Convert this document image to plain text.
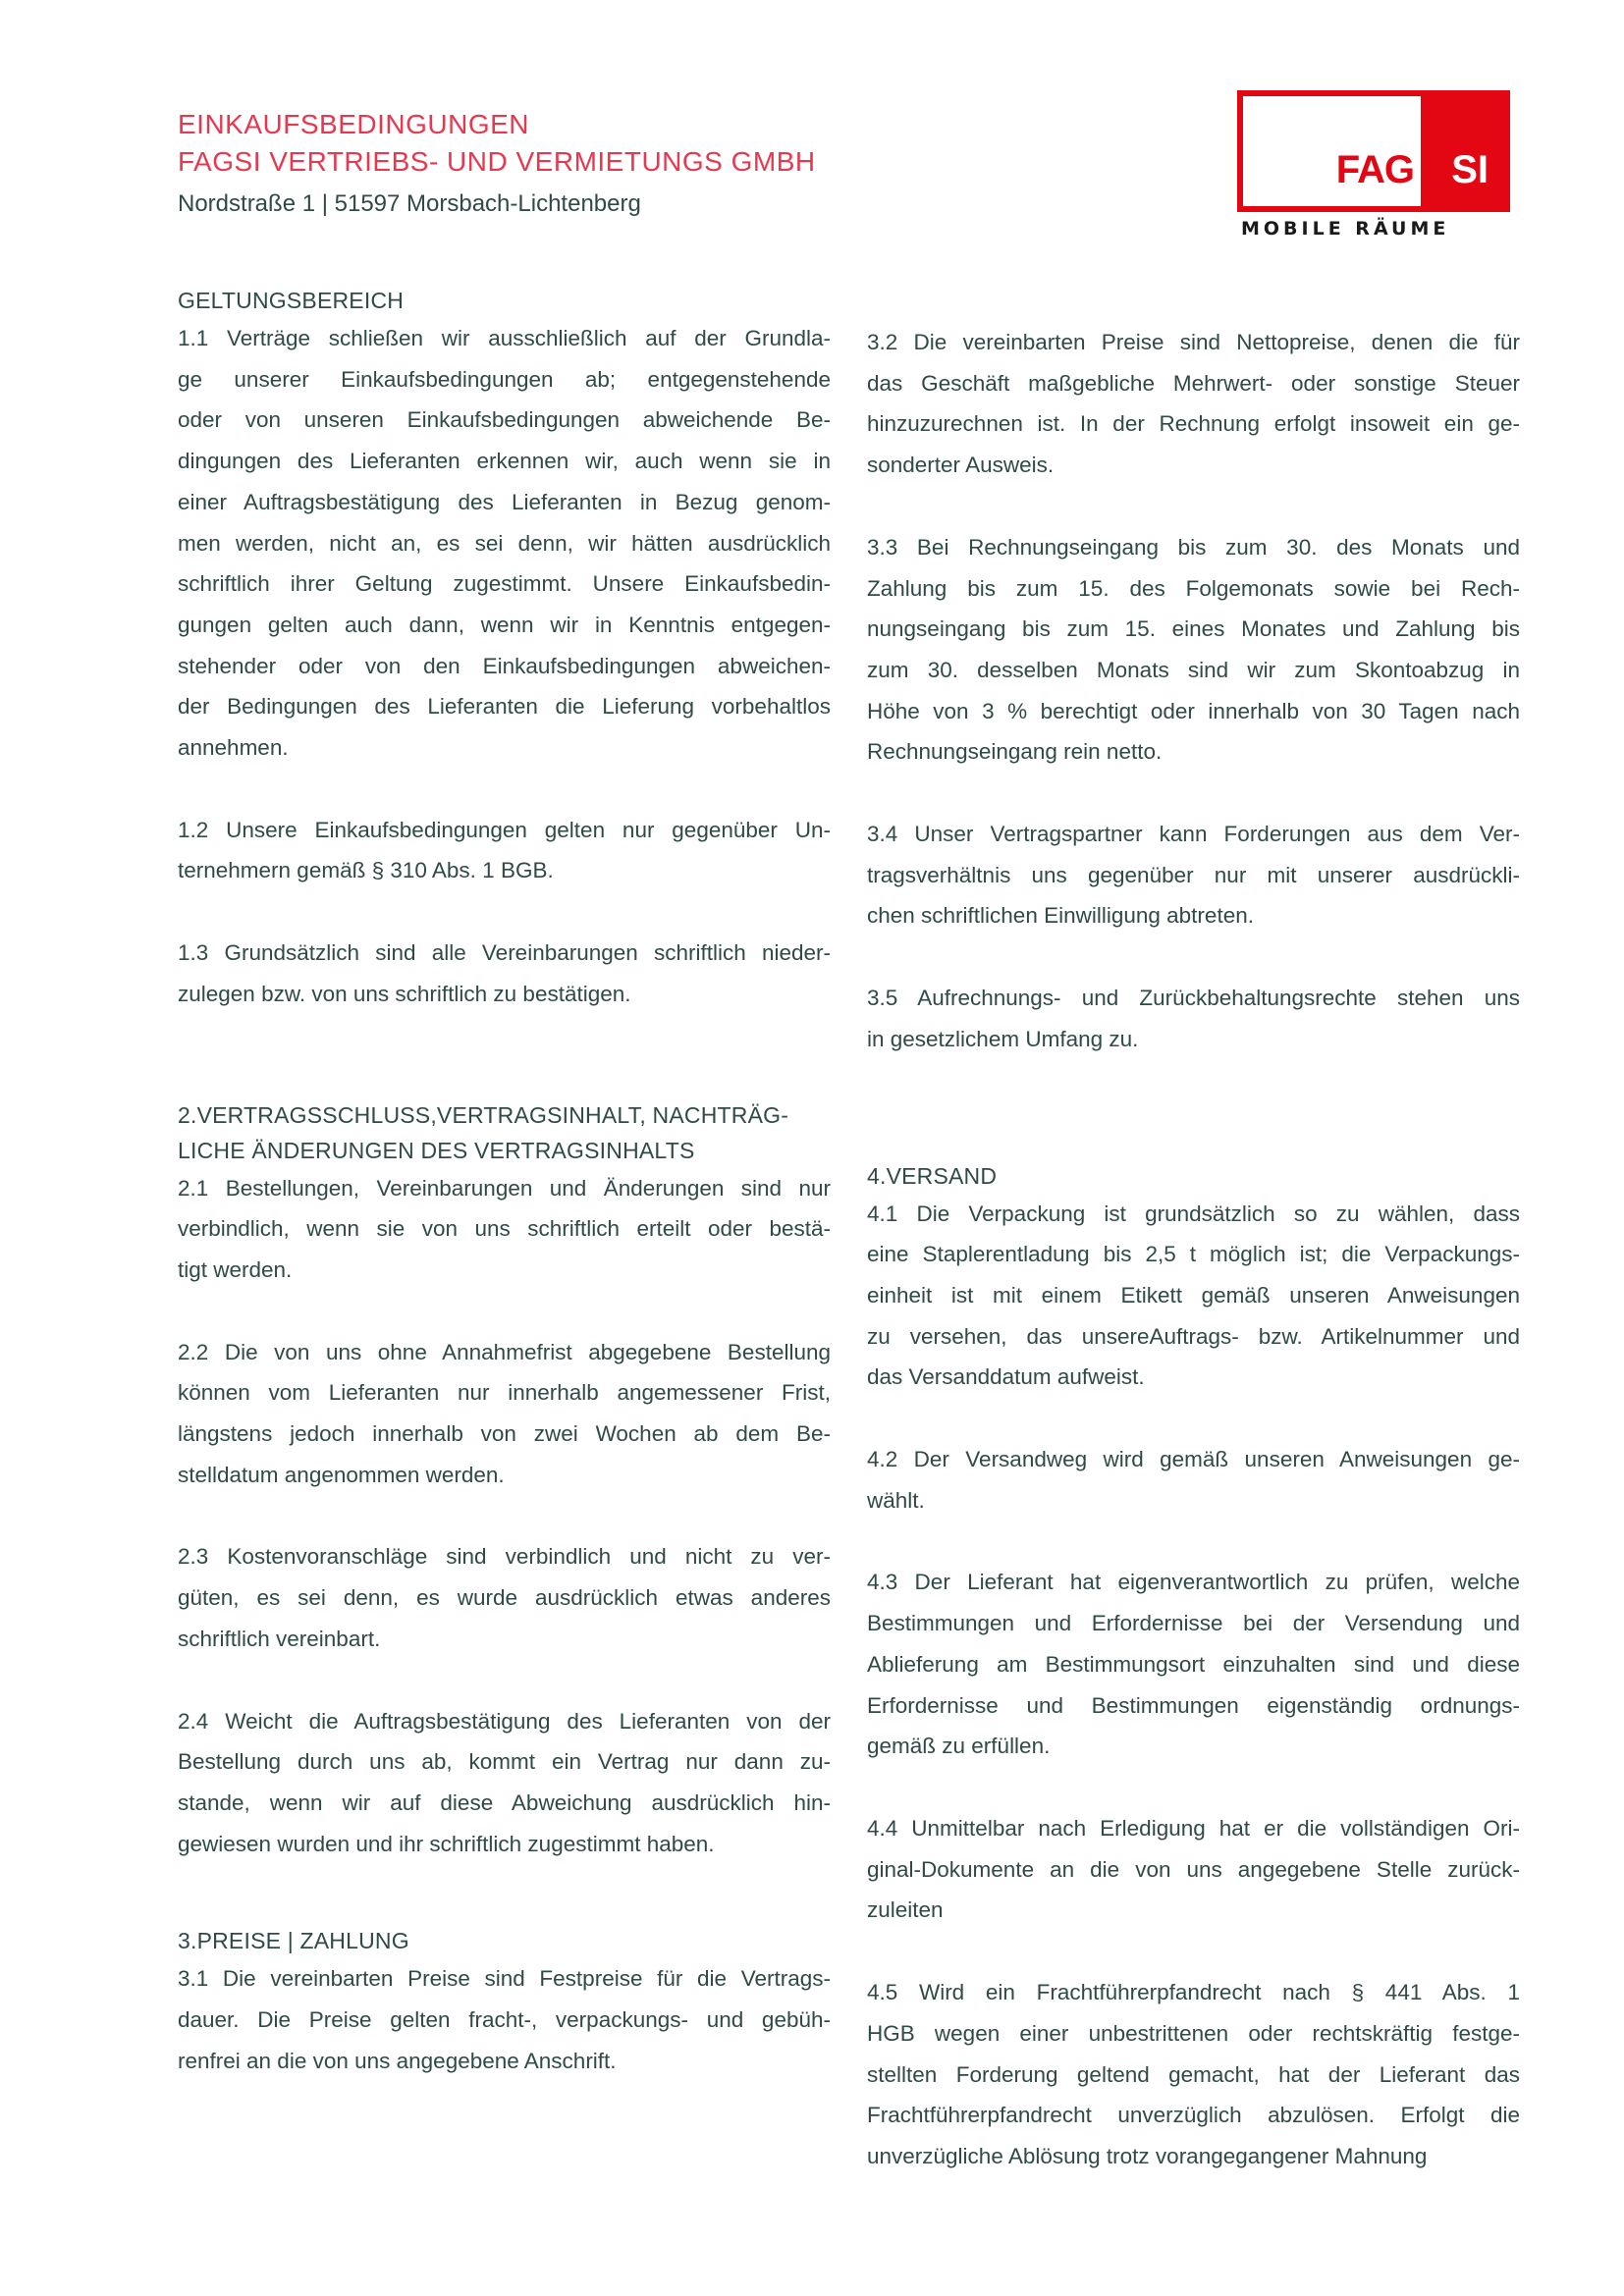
EINKAUFSBEDINGUNGEN
FAGSI VERTRIEBS- UND VERMIETUNGS GMBH
Nordstraße 1 | 51597 Morsbach-Lichtenberg
FAG SI
MOBILE RÄUME
GELTUNGSBEREICH
1.1 Verträge schließen wir ausschließlich auf der Grundla-
ge unserer Einkaufsbedingungen ab; entgegenstehende
oder von unseren Einkaufsbedingungen abweichende Be-
dingungen des Lieferanten erkennen wir, auch wenn sie in
einer Auftragsbestätigung des Lieferanten in Bezug genom-
men werden, nicht an, es sei denn, wir hätten ausdrücklich
schriftlich ihrer Geltung zugestimmt. Unsere Einkaufsbedin-
gungen gelten auch dann, wenn wir in Kenntnis entgegen-
stehender oder von den Einkaufsbedingungen abweichen-
der Bedingungen des Lieferanten die Lieferung vorbehaltlos
annehmen.
1.2 Unsere Einkaufsbedingungen gelten nur gegenüber Un-
ternehmern gemäß § 310 Abs. 1 BGB.
1.3 Grundsätzlich sind alle Vereinbarungen schriftlich nieder-
zulegen bzw. von uns schriftlich zu bestätigen.
2.VERTRAGSSCHLUSS,VERTRAGSINHALT, NACHTRÄG-
LICHE ÄNDERUNGEN DES VERTRAGSINHALTS
2.1 Bestellungen, Vereinbarungen und Änderungen sind nur
verbindlich, wenn sie von uns schriftlich erteilt oder bestä-
tigt werden.
2.2 Die von uns ohne Annahmefrist abgegebene Bestellung
können vom Lieferanten nur innerhalb angemessener Frist,
längstens jedoch innerhalb von zwei Wochen ab dem Be-
stelldatum angenommen werden.
2.3 Kostenvoranschläge sind verbindlich und nicht zu ver-
güten, es sei denn, es wurde ausdrücklich etwas anderes
schriftlich vereinbart.
2.4 Weicht die Auftragsbestätigung des Lieferanten von der
Bestellung durch uns ab, kommt ein Vertrag nur dann zu-
stande, wenn wir auf diese Abweichung ausdrücklich hin-
gewiesen wurden und ihr schriftlich zugestimmt haben.
3.PREISE | ZAHLUNG
3.1 Die vereinbarten Preise sind Festpreise für die Vertrags-
dauer. Die Preise gelten fracht-, verpackungs- und gebüh-
renfrei an die von uns angegebene Anschrift.
3.2 Die vereinbarten Preise sind Nettopreise, denen die für
das Geschäft maßgebliche Mehrwert- oder sonstige Steuer
hinzuzurechnen ist. In der Rechnung erfolgt insoweit ein ge-
sonderter Ausweis.
3.3 Bei Rechnungseingang bis zum 30. des Monats und
Zahlung bis zum 15. des Folgemonats sowie bei Rech-
nungseingang bis zum 15. eines Monates und Zahlung bis
zum 30. desselben Monats sind wir zum Skontoabzug in
Höhe von 3 % berechtigt oder innerhalb von 30 Tagen nach
Rechnungseingang rein netto.
3.4 Unser Vertragspartner kann Forderungen aus dem Ver-
tragsverhältnis uns gegenüber nur mit unserer ausdrückli-
chen schriftlichen Einwilligung abtreten.
3.5 Aufrechnungs- und Zurückbehaltungsrechte stehen uns
in gesetzlichem Umfang zu.
4.VERSAND
4.1 Die Verpackung ist grundsätzlich so zu wählen, dass
eine Staplerentladung bis 2,5 t möglich ist; die Verpackungs-
einheit ist mit einem Etikett gemäß unseren Anweisungen
zu versehen, das unsereAuftrags- bzw. Artikelnummer und
das Versanddatum aufweist.
4.2 Der Versandweg wird gemäß unseren Anweisungen ge-
wählt.
4.3 Der Lieferant hat eigenverantwortlich zu prüfen, welche
Bestimmungen und Erfordernisse bei der Versendung und
Ablieferung am Bestimmungsort einzuhalten sind und diese
Erfordernisse und Bestimmungen eigenständig ordnungs-
gemäß zu erfüllen.
4.4 Unmittelbar nach Erledigung hat er die vollständigen Ori-
ginal-Dokumente an die von uns angegebene Stelle zurück-
zuleiten
4.5 Wird ein Frachtführerpfandrecht nach § 441 Abs. 1
HGB wegen einer unbestrittenen oder rechtskräftig festge-
stellten Forderung geltend gemacht, hat der Lieferant das
Frachtführerpfandrecht unverzüglich abzulösen. Erfolgt die
unverzügliche Ablösung trotz vorangegangener Mahnung
